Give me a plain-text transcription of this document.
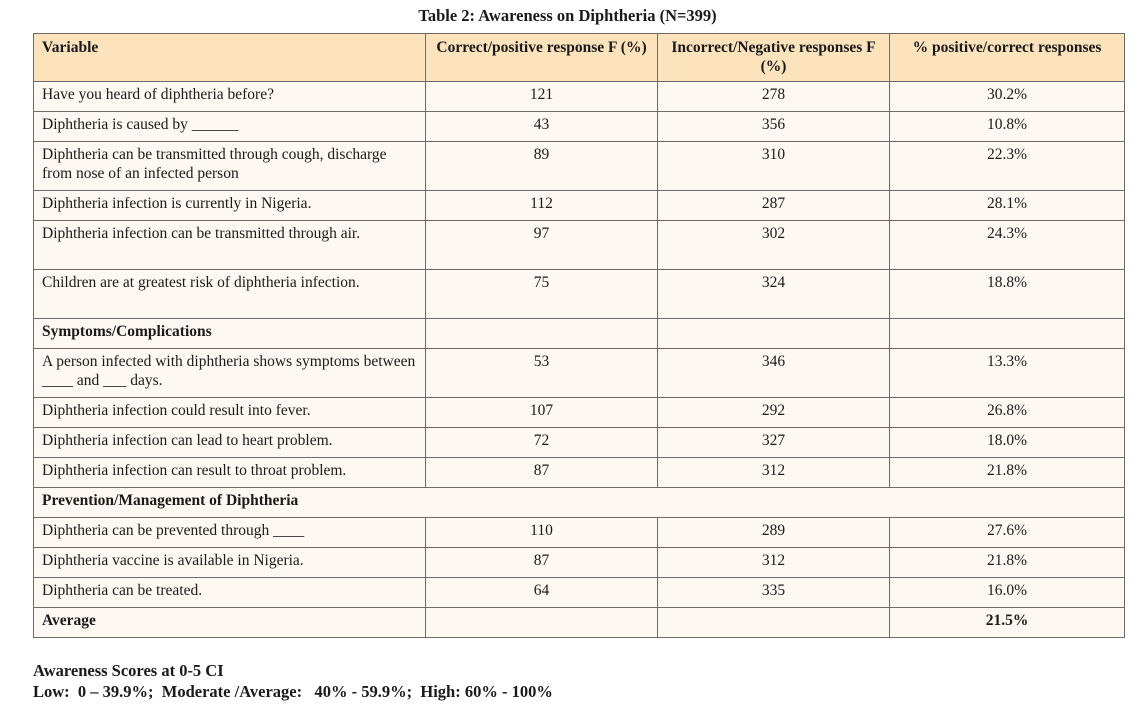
Table 2: Awareness on Diphtheria (N=399)
Variable	Correct/positive response F (%)	Incorrect/Negative responses F (%)	% positive/correct responses
Have you heard of diphtheria before?	121	278	30.2%
Diphtheria is caused by ______	43	356	10.8%
Diphtheria can be transmitted through cough, discharge from nose of an infected person	89	310	22.3%
Diphtheria infection is currently in Nigeria.	112	287	28.1%
Diphtheria infection can be transmitted through air.	97	302	24.3%
Children are at greatest risk of diphtheria infection.	75	324	18.8%
Symptoms/Complications			
A person infected with diphtheria shows symptoms between ____ and ___ days.	53	346	13.3%
Diphtheria infection could result into fever.	107	292	26.8%
Diphtheria infection can lead to heart problem.	72	327	18.0%
Diphtheria infection can result to throat problem.	87	312	21.8%
Prevention/Management of Diphtheria			
Diphtheria can be prevented through ____	110	289	27.6%
Diphtheria vaccine is available in Nigeria.	87	312	21.8%
Diphtheria can be treated.	64	335	16.0%
Average			21.5%
Awareness Scores at 0-5 CI
Low:  0 – 39.9%;  Moderate /Average:   40% - 59.9%;  High: 60% - 100%
